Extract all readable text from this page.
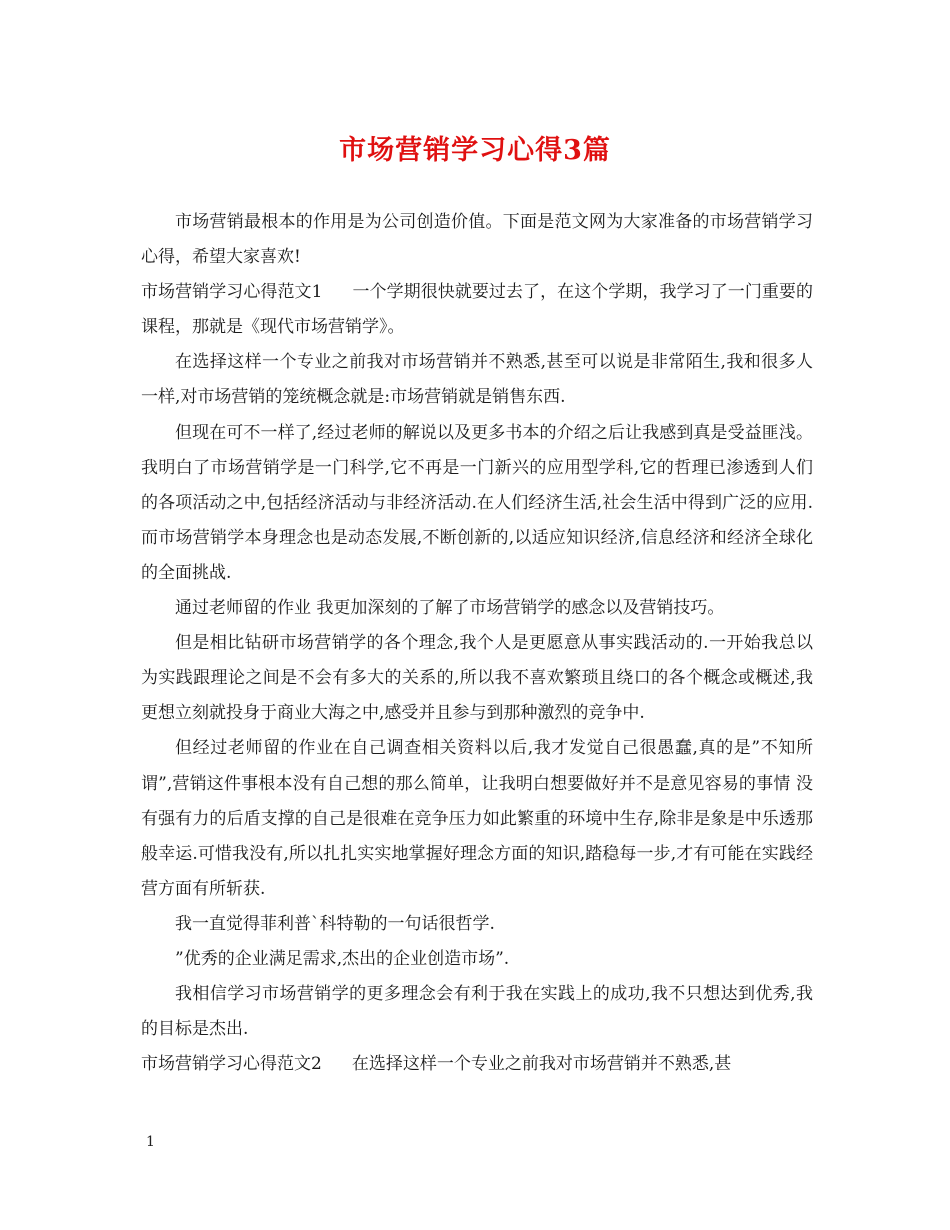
市场营销学习心得3篇

市场营销最根本的作用是为公司创造价值。下面是范文网为大家准备的市场营销学习心得，希望大家喜欢!

市场营销学习心得范文1 一个学期很快就要过去了，在这个学期，我学习了一门重要的课程，那就是《现代市场营销学》。

在选择这样一个专业之前我对市场营销并不熟悉,甚至可以说是非常陌生,我和很多人一样,对市场营销的笼统概念就是:市场营销就是销售东西.

但现在可不一样了,经过老师的解说以及更多书本的介绍之后让我感到真是受益匪浅。我明白了市场营销学是一门科学,它不再是一门新兴的应用型学科,它的哲理已渗透到人们的各项活动之中,包括经济活动与非经济活动.在人们经济生活,社会生活中得到广泛的应用.而市场营销学本身理念也是动态发展,不断创新的,以适应知识经济,信息经济和经济全球化的全面挑战.

通过老师留的作业 我更加深刻的了解了市场营销学的感念以及营销技巧。

但是相比钻研市场营销学的各个理念,我个人是更愿意从事实践活动的.一开始我总以为实践跟理论之间是不会有多大的关系的,所以我不喜欢繁琐且绕口的各个概念或概述,我更想立刻就投身于商业大海之中,感受并且参与到那种激烈的竞争中.

但经过老师留的作业在自己调查相关资料以后,我才发觉自己很愚蠢,真的是”不知所谓”,营销这件事根本没有自己想的那么简单，让我明白想要做好并不是意见容易的事情 没有强有力的后盾支撑的自己是很难在竞争压力如此繁重的环境中生存,除非是象是中乐透那般幸运.可惜我没有,所以扎扎实实地掌握好理念方面的知识,踏稳每一步,才有可能在实践经营方面有所斩获.

我一直觉得菲利普`科特勒的一句话很哲学.

”优秀的企业满足需求,杰出的企业创造市场”.

我相信学习市场营销学的更多理念会有利于我在实践上的成功,我不只想达到优秀,我的目标是杰出.

市场营销学习心得范文2 在选择这样一个专业之前我对市场营销并不熟悉,甚

1
